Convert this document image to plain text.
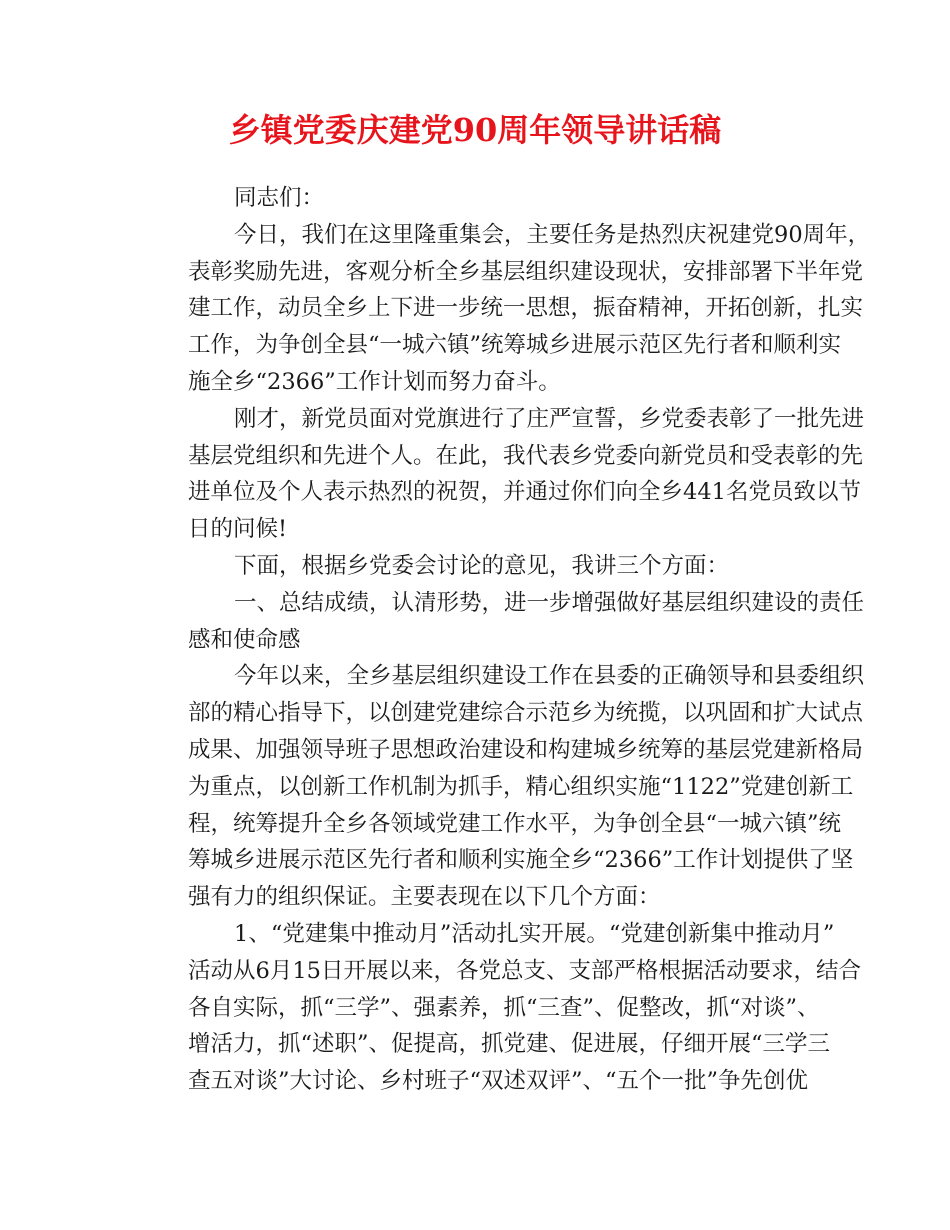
乡镇党委庆建党90周年领导讲话稿
同志们：
今日，我们在这里隆重集会，主要任务是热烈庆祝建党90周年，
表彰奖励先进，客观分析全乡基层组织建设现状，安排部署下半年党
建工作，动员全乡上下进一步统一思想，振奋精神，开拓创新，扎实
工作，为争创全县“一城六镇”统筹城乡进展示范区先行者和顺利实
施全乡“2366”工作计划而努力奋斗。
刚才，新党员面对党旗进行了庄严宣誓，乡党委表彰了一批先进
基层党组织和先进个人。在此，我代表乡党委向新党员和受表彰的先
进单位及个人表示热烈的祝贺，并通过你们向全乡441名党员致以节
日的问候!
下面，根据乡党委会讨论的意见，我讲三个方面：
一、总结成绩，认清形势，进一步增强做好基层组织建设的责任
感和使命感
今年以来，全乡基层组织建设工作在县委的正确领导和县委组织
部的精心指导下，以创建党建综合示范乡为统揽，以巩固和扩大试点
成果、加强领导班子思想政治建设和构建城乡统筹的基层党建新格局
为重点，以创新工作机制为抓手，精心组织实施“1122”党建创新工
程，统筹提升全乡各领域党建工作水平，为争创全县“一城六镇”统
筹城乡进展示范区先行者和顺利实施全乡“2366”工作计划提供了坚
强有力的组织保证。主要表现在以下几个方面：
1、“党建集中推动月”活动扎实开展。“党建创新集中推动月”
活动从6月15日开展以来，各党总支、支部严格根据活动要求，结合
各自实际，抓“三学”、强素养，抓“三查”、促整改，抓“对谈”、
增活力，抓“述职”、促提高，抓党建、促进展，仔细开展“三学三
查五对谈”大讨论、乡村班子“双述双评”、“五个一批”争先创优
